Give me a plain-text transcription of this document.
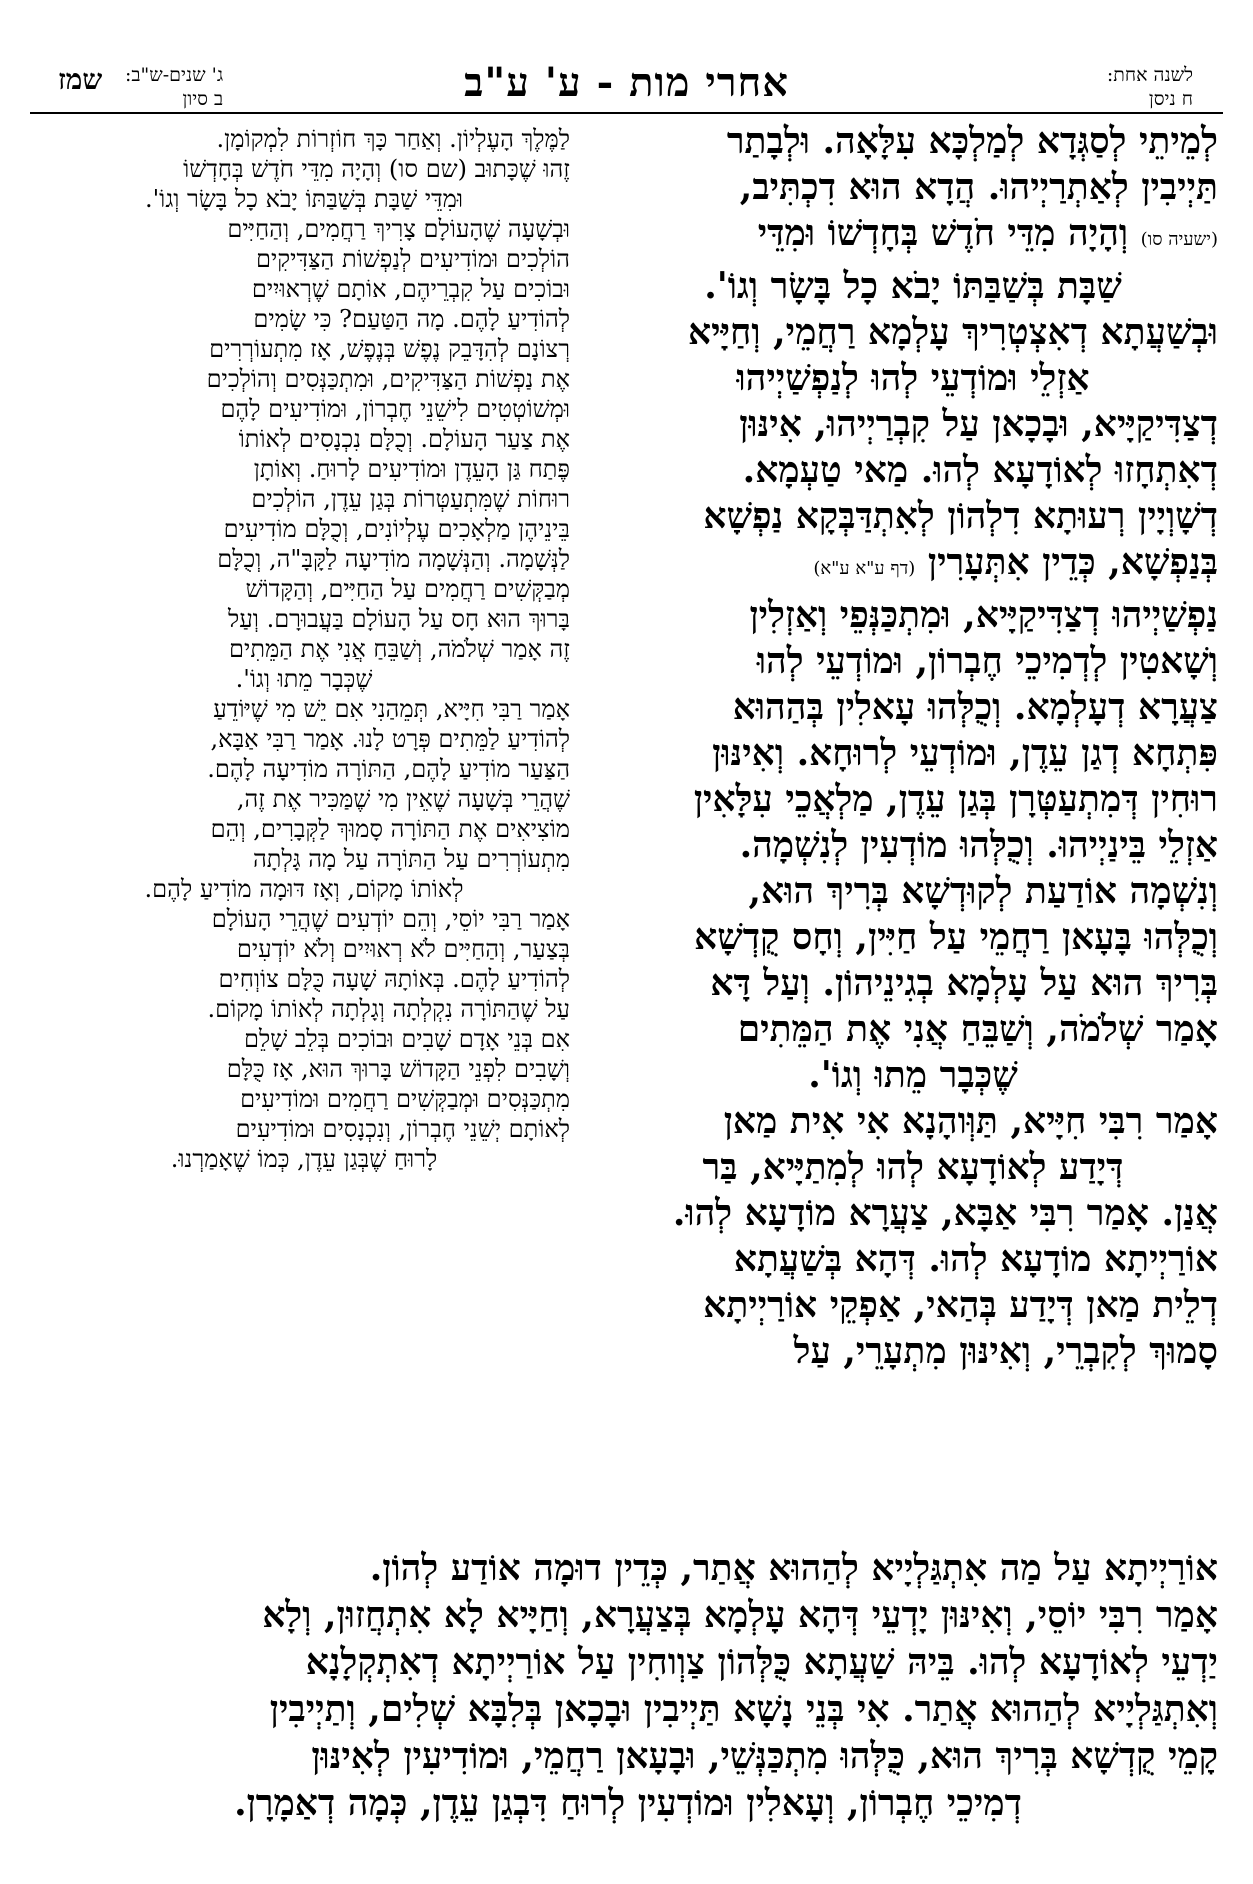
לשנה אחת:
ח ניסן
אחרי מות - ע' ע"ב
ג' שנים-ש"ב:
ב סיון
שמז

לְמֵיתֵי לְסַגְּדָא לְמַלְכָּא עִלָּאָה. וּלְבָתַר

תַּיְיבִין לְאַתְרַיְיהוּ. הֲדָא הוּא דִכְתִּיב,

(ישעיה סו) וְהָיָה מִדֵּי חֹדֶשׁ בְּחָדְשׁוֹ וּמִדֵּי

שַׁבָּת בְּשַׁבַּתּוֹ יָבֹא כָל בָּשָׂר וְגוֹ'.

וּבְשַׁעֲתָא דְאִצְטְרִיךְ עָלְמָא רַחֲמֵי, וְחַיָּיא

אַזְלֵי וּמוֹדְעֵי לְהוּ לְנַפְשַׁיְיהוּ

דְצַדִּיקַיָּיא, וּבָכָאן עַל קִבְרַיְיהוּ, אִינּוּן

דְאִתְחָזוּ לְאוֹדָעָא לְהוּ. מַאי טַעְמָא.

דְשָׁוְיָין רְעוּתָא דִלְהוֹן לְאִתְדַּבְּקָא נַפְשָׁא

בְּנַפְשָׁא, כְּדֵין אִתְּעָרִין (דף ע"א ע"א)

נַפְשַׁיְיהוּ דְצַדִּיקַיָּיא, וּמִתְכַּנְּפֵי וְאַזְלִין

וְשָׁאטִין לְדְמִיכֵי חֶבְרוֹן, וּמוֹדְעֵי לְהוּ

צַעֲרָא דְעָלְמָא. וְכֻלְּהוּ עָאלִין בְּהַהוּא

פִּתְחָא דְגַן עֵדֶן, וּמוֹדְעֵי לְרוּחָא. וְאִינּוּן

רוּחִין דְּמִתְעַטְּרָן בְּגַן עֵדֶן, מַלְאֲכֵי עִלָּאִין

אַזְלֵי בֵּינַיְיהוּ. וְכֻלְּהוּ מוֹדְעִין לְנִשְׁמָה.

וְנִשְׁמָה אוֹדַעַת לְקוּדְשָׁא בְּרִיךְ הוּא,

וְכֻלְּהוּ בָּעָאן רַחֲמֵי עַל חַיִּין, וְחָס קֻדְשָׁא

בְּרִיךְ הוּא עַל עָלְמָא בְגִינֵיהוֹן. וְעַל דָּא

אָמַר שְׁלֹמֹה, וְשַׁבֵּחַ אֲנִי אֶת הַמֵּתִים

שֶׁכְּבָר מֵתוּ וְגוֹ'.

אָמַר רִבִּי חִיָּיא, תַּוְּוהָנָא אִי אִית מַאן

דְּיָדַע לְאוֹדָעָא לְהוּ לְמִתַיָּיא, בַּר

אֲנַן. אָמַר רִבִּי אַבָּא, צַעֲרָא מוֹדָעָא לְהוּ.

אוֹרַיְיתָא מוֹדָעָא לְהוּ. דְּהָא בְּשַׁעֲתָא

דְלֵית מַאן דְּיָדַע בְּהַאי, אַפְקֵי אוֹרַיְיתָא

סָמוּךְ לְקִבְרֵי, וְאִינּוּן מִתְעָרֵי, עַל

לַמֶּלֶךְ הָעֶלְיוֹן. וְאַחַר כָּךְ חוֹזְרוֹת לִמְקוֹמָן.

זֶהוּ שֶׁכָּתוּב (שם סו) וְהָיָה מִדֵּי חֹדֶשׁ בְּחָדְשׁוֹ

וּמִדֵּי שַׁבָּת בְּשַׁבַּתּוֹ יָבֹא כָל בָּשָׂר וְגוֹ'.

וּבְשָׁעָה שֶׁהָעוֹלָם צָרִיךְ רַחֲמִים, וְהַחַיִּים

הוֹלְכִים וּמוֹדִיעִים לְנַפְשׁוֹת הַצַּדִּיקִים

וּבוֹכִים עַל קִבְרֵיהֶם, אוֹתָם שֶׁרְאוּיִים

לְהוֹדִיעַ לָהֶם. מָה הַטַּעַם? כִּי שָׂמִים

רְצוֹנָם לְהִדָּבֵק נֶפֶשׁ בְּנֶפֶשׁ, אָז מִתְעוֹרְרִים

אֶת נַפְשׁוֹת הַצַּדִּיקִים, וּמִתְכַּנְּסִים וְהוֹלְכִים

וּמְשׁוֹטְטִים לִישֵׁנֵי חֶבְרוֹן, וּמוֹדִיעִים לָהֶם

אֶת צַעַר הָעוֹלָם. וְכֻלָּם נִכְנָסִים לְאוֹתוֹ

פֶּתַח גַּן הָעֵדֶן וּמוֹדִיעִים לָרוּחַ. וְאוֹתָן

רוּחוֹת שֶׁמִּתְעַטְּרוֹת בְּגַן עֵדֶן, הוֹלְכִים

בֵּינֵיהֶן מַלְאָכִים עֶלְיוֹנִים, וְכֻלָּם מוֹדִיעִים

לַנְּשָׁמָה. וְהַנְּשָׁמָה מוֹדִיעָה לַקָּבָּ"ה, וְכֻלָּם

מְבַקְּשִׁים רַחֲמִים עַל הַחַיִּים, וְהַקָּדוֹשׁ

בָּרוּךְ הוּא חָס עַל הָעוֹלָם בַּעֲבוּרָם. וְעַל

זֶה אָמַר שְׁלֹמֹה, וְשַׁבֵּחַ אֲנִי אֶת הַמֵּתִים

שֶׁכְּבָר מֵתוּ וְגוֹ'.

אָמַר רַבִּי חִיָּיא, תְּמֵהַנִי אִם יֵשׁ מִי שֶׁיּוֹדֵעַ

לְהוֹדִיעַ לַמֵּתִים פְּרָט לָנוּ. אָמַר רַבִּי אַבָּא,

הַצַּעַר מוֹדִיעַ לָהֶם, הַתּוֹרָה מוֹדִיעָה לָהֶם.

שֶׁהֲרֵי בְּשָׁעָה שֶׁאֵין מִי שֶׁמַּכִּיר אֶת זֶה,

מוֹצִיאִים אֶת הַתּוֹרָה סָמוּךְ לַקְּבָרִים, וְהֵם

מִתְעוֹרְרִים עַל הַתּוֹרָה עַל מָה גָּלְתָה

לְאוֹתוֹ מָקוֹם, וְאָז דּוּמָה מוֹדִיעַ לָהֶם.

אָמַר רַבִּי יוֹסֵי, וְהֵם יוֹדְעִים שֶׁהֲרֵי הָעוֹלָם

בְּצַעַר, וְהַחַיִּים לֹא רְאוּיִים וְלֹא יוֹדְעִים

לְהוֹדִיעַ לָהֶם. בְּאוֹתָהּ שָׁעָה כֻּלָּם צוֹוְחִים

עַל שֶׁהַתּוֹרָה נִקְלְתָה וְגָלְתָה לְאוֹתוֹ מָקוֹם.

אִם בְּנֵי אָדָם שָׁבִים וּבוֹכִים בְּלֵב שָׁלֵם

וְשָׁבִים לִפְנֵי הַקָּדוֹשׁ בָּרוּךְ הוּא, אָז כֻּלָּם

מִתְכַּנְּסִים וּמְבַקְּשִׁים רַחֲמִים וּמוֹדִיעִים

לְאוֹתָם יְשֵׁנֵי חֶבְרוֹן, וְנִכְנָסִים וּמוֹדִיעִים

לָרוּחַ שֶׁבְּגַן עֵדֶן, כְּמוֹ שֶׁאָמַרְנוּ.

אוֹרַיְיתָא עַל מַה אִתְגַּלְיָיא לְהַהוּא אֲתַר, כְּדֵין דוּמָה אוֹדַע לְהוֹן.

אָמַר רִבִּי יוֹסֵי, וְאִינּוּן יָדְעֵי דְּהָא עָלְמָא בְּצַעֲרָא, וְחַיָּיא לָא אִתְחֲזוּן, וְלָא

יַדְעֵי לְאוֹדָעָא לְהוּ. בֵּיהּ שַׁעֲתָא כֻּלְּהוֹן צַוְוחִין עַל אוֹרַיְיתָא דְאִתְקְלָנָא

וְאִתְגַּלְיָיא לְהַהוּא אֲתַר. אִי בְּנֵי נָשָׁא תַּיְיבִין וּבָכָאן בְּלִבָּא שְׁלִים, וְתַיְיבִין

קָמֵי קֻדְשָׁא בְּרִיךְ הוּא, כֻּלְּהוּ מִתְכַּנְּשֵׁי, וּבָעָאן רַחֲמֵי, וּמוֹדִיעִין לְאִינּוּן

דְמִיכֵי חֶבְרוֹן, וְעָאלִין וּמוֹדְעִין לְרוּחַ דִּבְגַן עֵדֶן, כְּמָה דְאַמָרָן.
